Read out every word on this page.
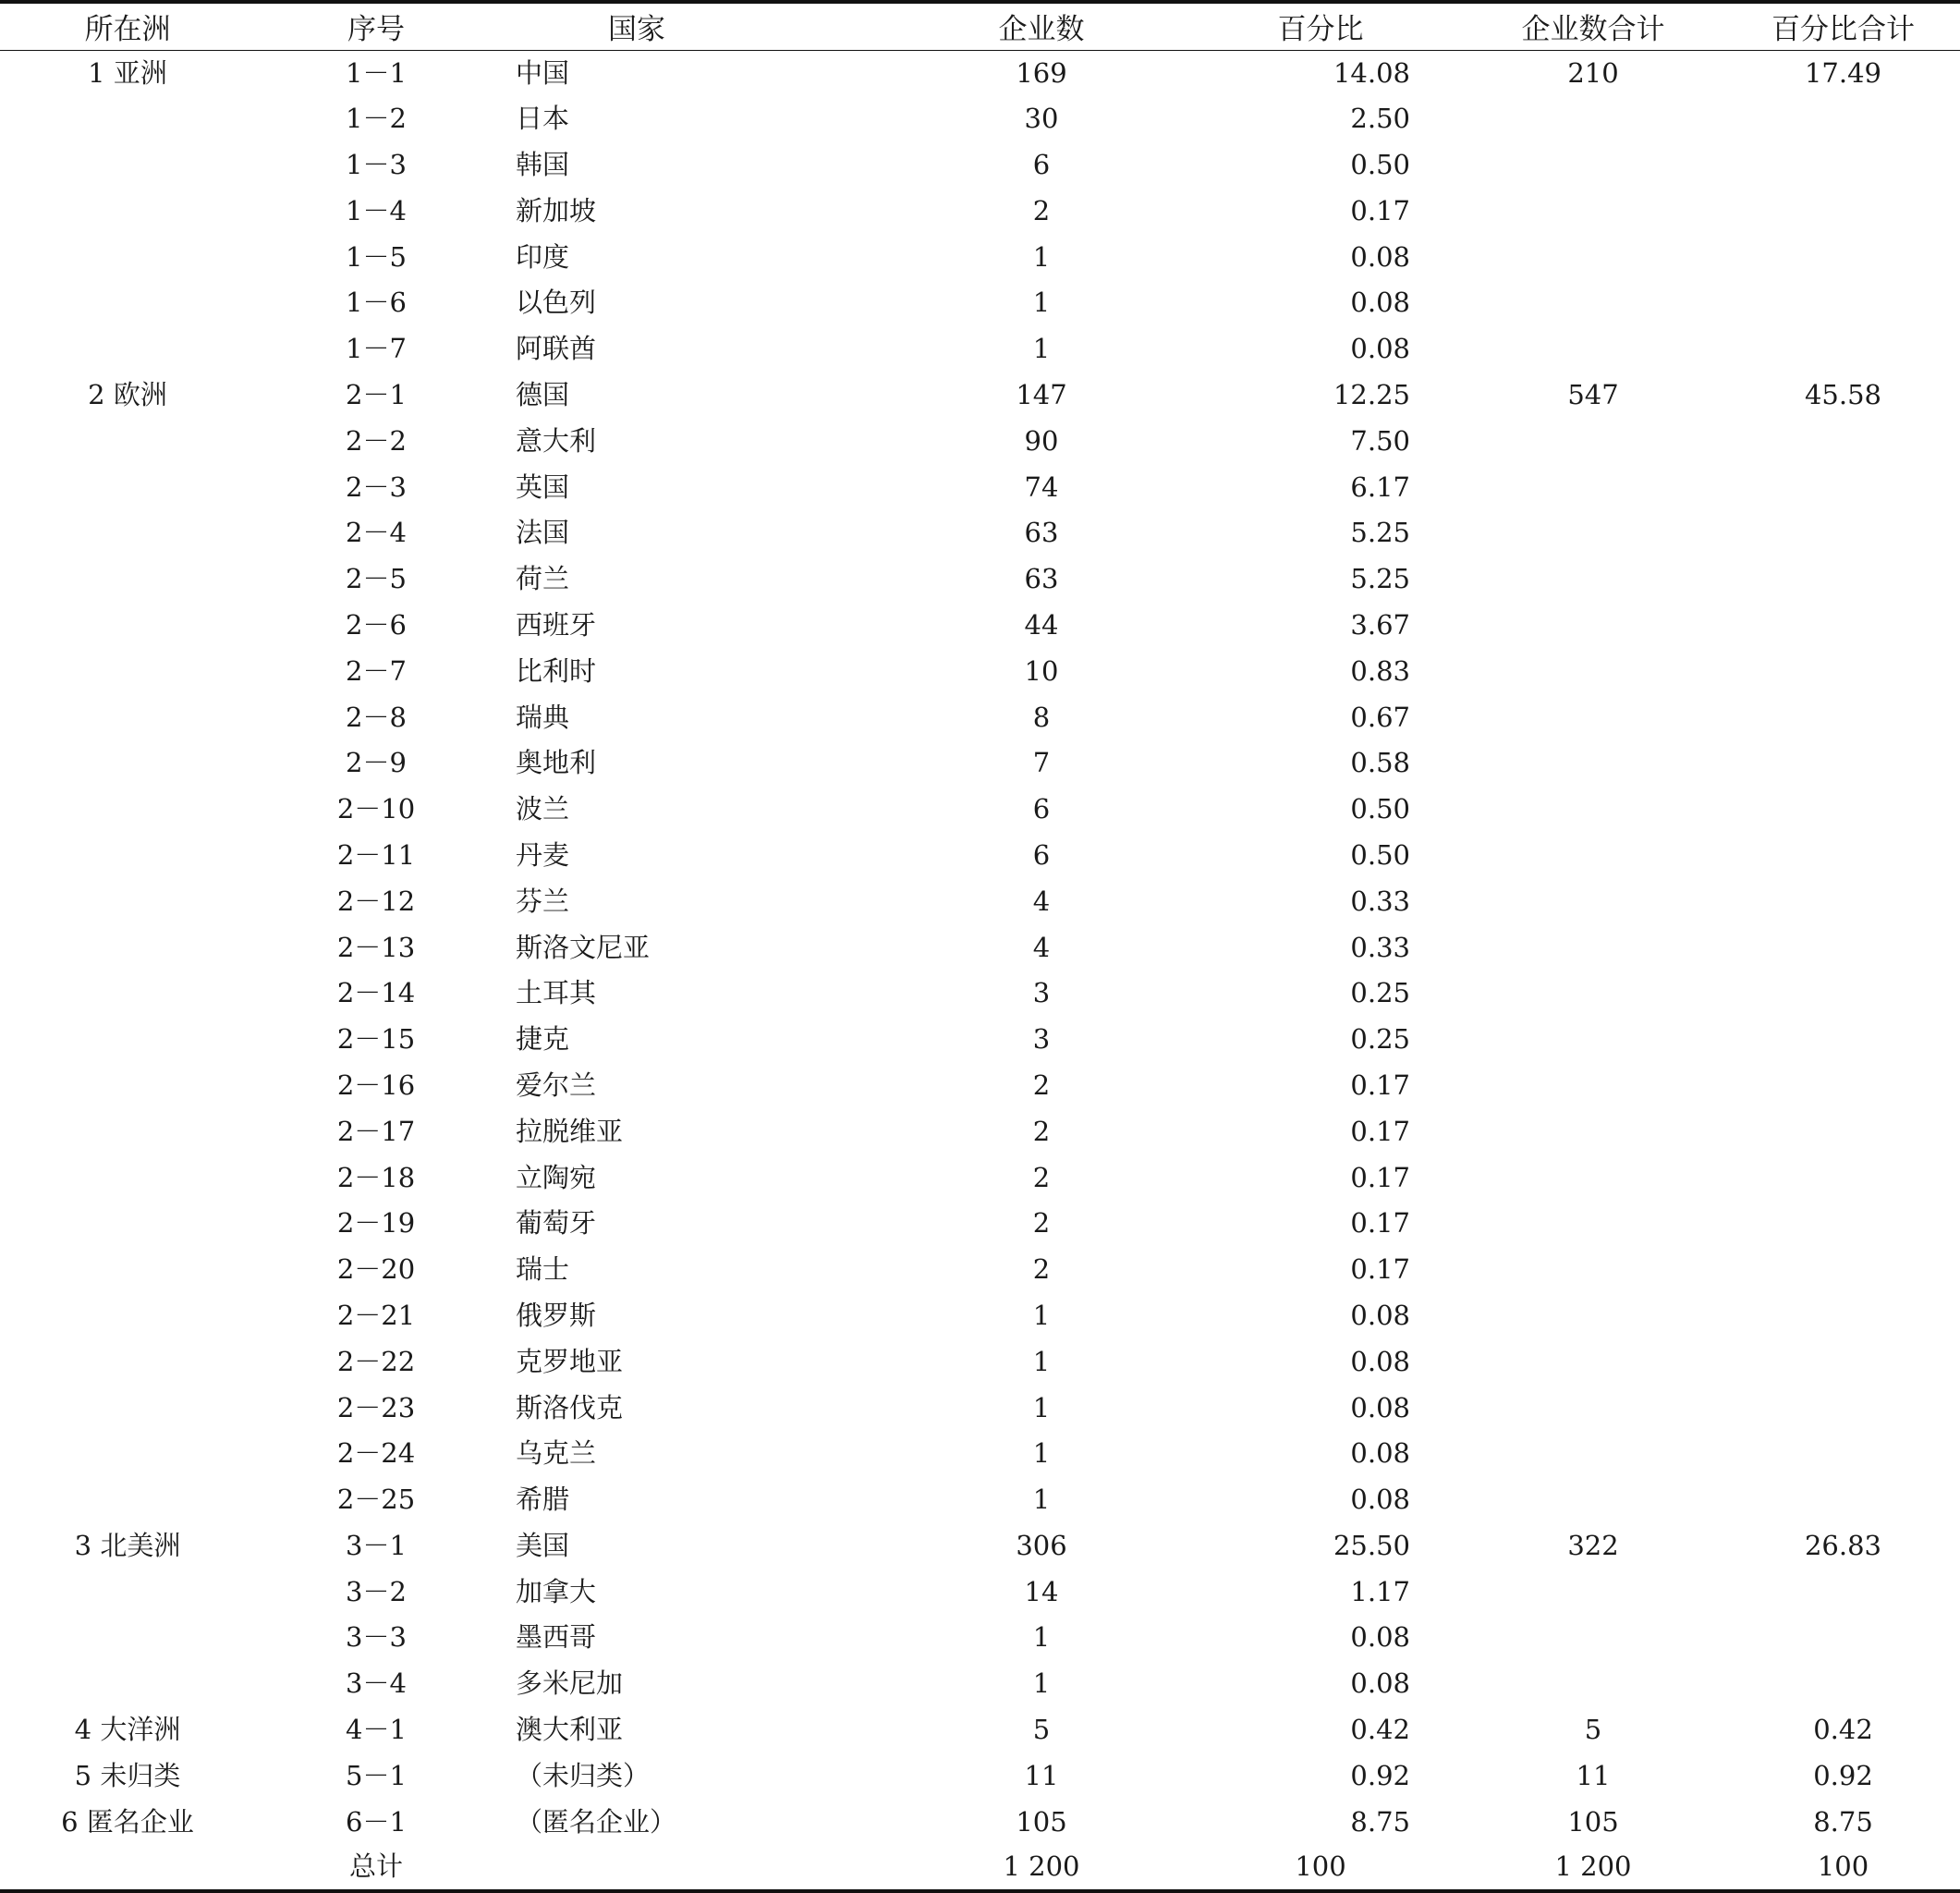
所在洲	序号	国家	企业数	百分比	企业数合计	百分比合计
1 亚洲	1－1	中国	169	14.08	210	17.49
	1－2	日本	30	2.50		
	1－3	韩国	6	0.50		
	1－4	新加坡	2	0.17		
	1－5	印度	1	0.08		
	1－6	以色列	1	0.08		
	1－7	阿联酋	1	0.08		
2 欧洲	2－1	德国	147	12.25	547	45.58
	2－2	意大利	90	7.50		
	2－3	英国	74	6.17		
	2－4	法国	63	5.25		
	2－5	荷兰	63	5.25		
	2－6	西班牙	44	3.67		
	2－7	比利时	10	0.83		
	2－8	瑞典	8	0.67		
	2－9	奥地利	7	0.58		
	2－10	波兰	6	0.50		
	2－11	丹麦	6	0.50		
	2－12	芬兰	4	0.33		
	2－13	斯洛文尼亚	4	0.33		
	2－14	土耳其	3	0.25		
	2－15	捷克	3	0.25		
	2－16	爱尔兰	2	0.17		
	2－17	拉脱维亚	2	0.17		
	2－18	立陶宛	2	0.17		
	2－19	葡萄牙	2	0.17		
	2－20	瑞士	2	0.17		
	2－21	俄罗斯	1	0.08		
	2－22	克罗地亚	1	0.08		
	2－23	斯洛伐克	1	0.08		
	2－24	乌克兰	1	0.08		
	2－25	希腊	1	0.08		
3 北美洲	3－1	美国	306	25.50	322	26.83
	3－2	加拿大	14	1.17		
	3－3	墨西哥	1	0.08		
	3－4	多米尼加	1	0.08		
4 大洋洲	4－1	澳大利亚	5	0.42	5	0.42
5 未归类	5－1	（未归类）	11	0.92	11	0.92
6 匿名企业	6－1	（匿名企业）	105	8.75	105	8.75
	总计		1 200	100	1 200	100
